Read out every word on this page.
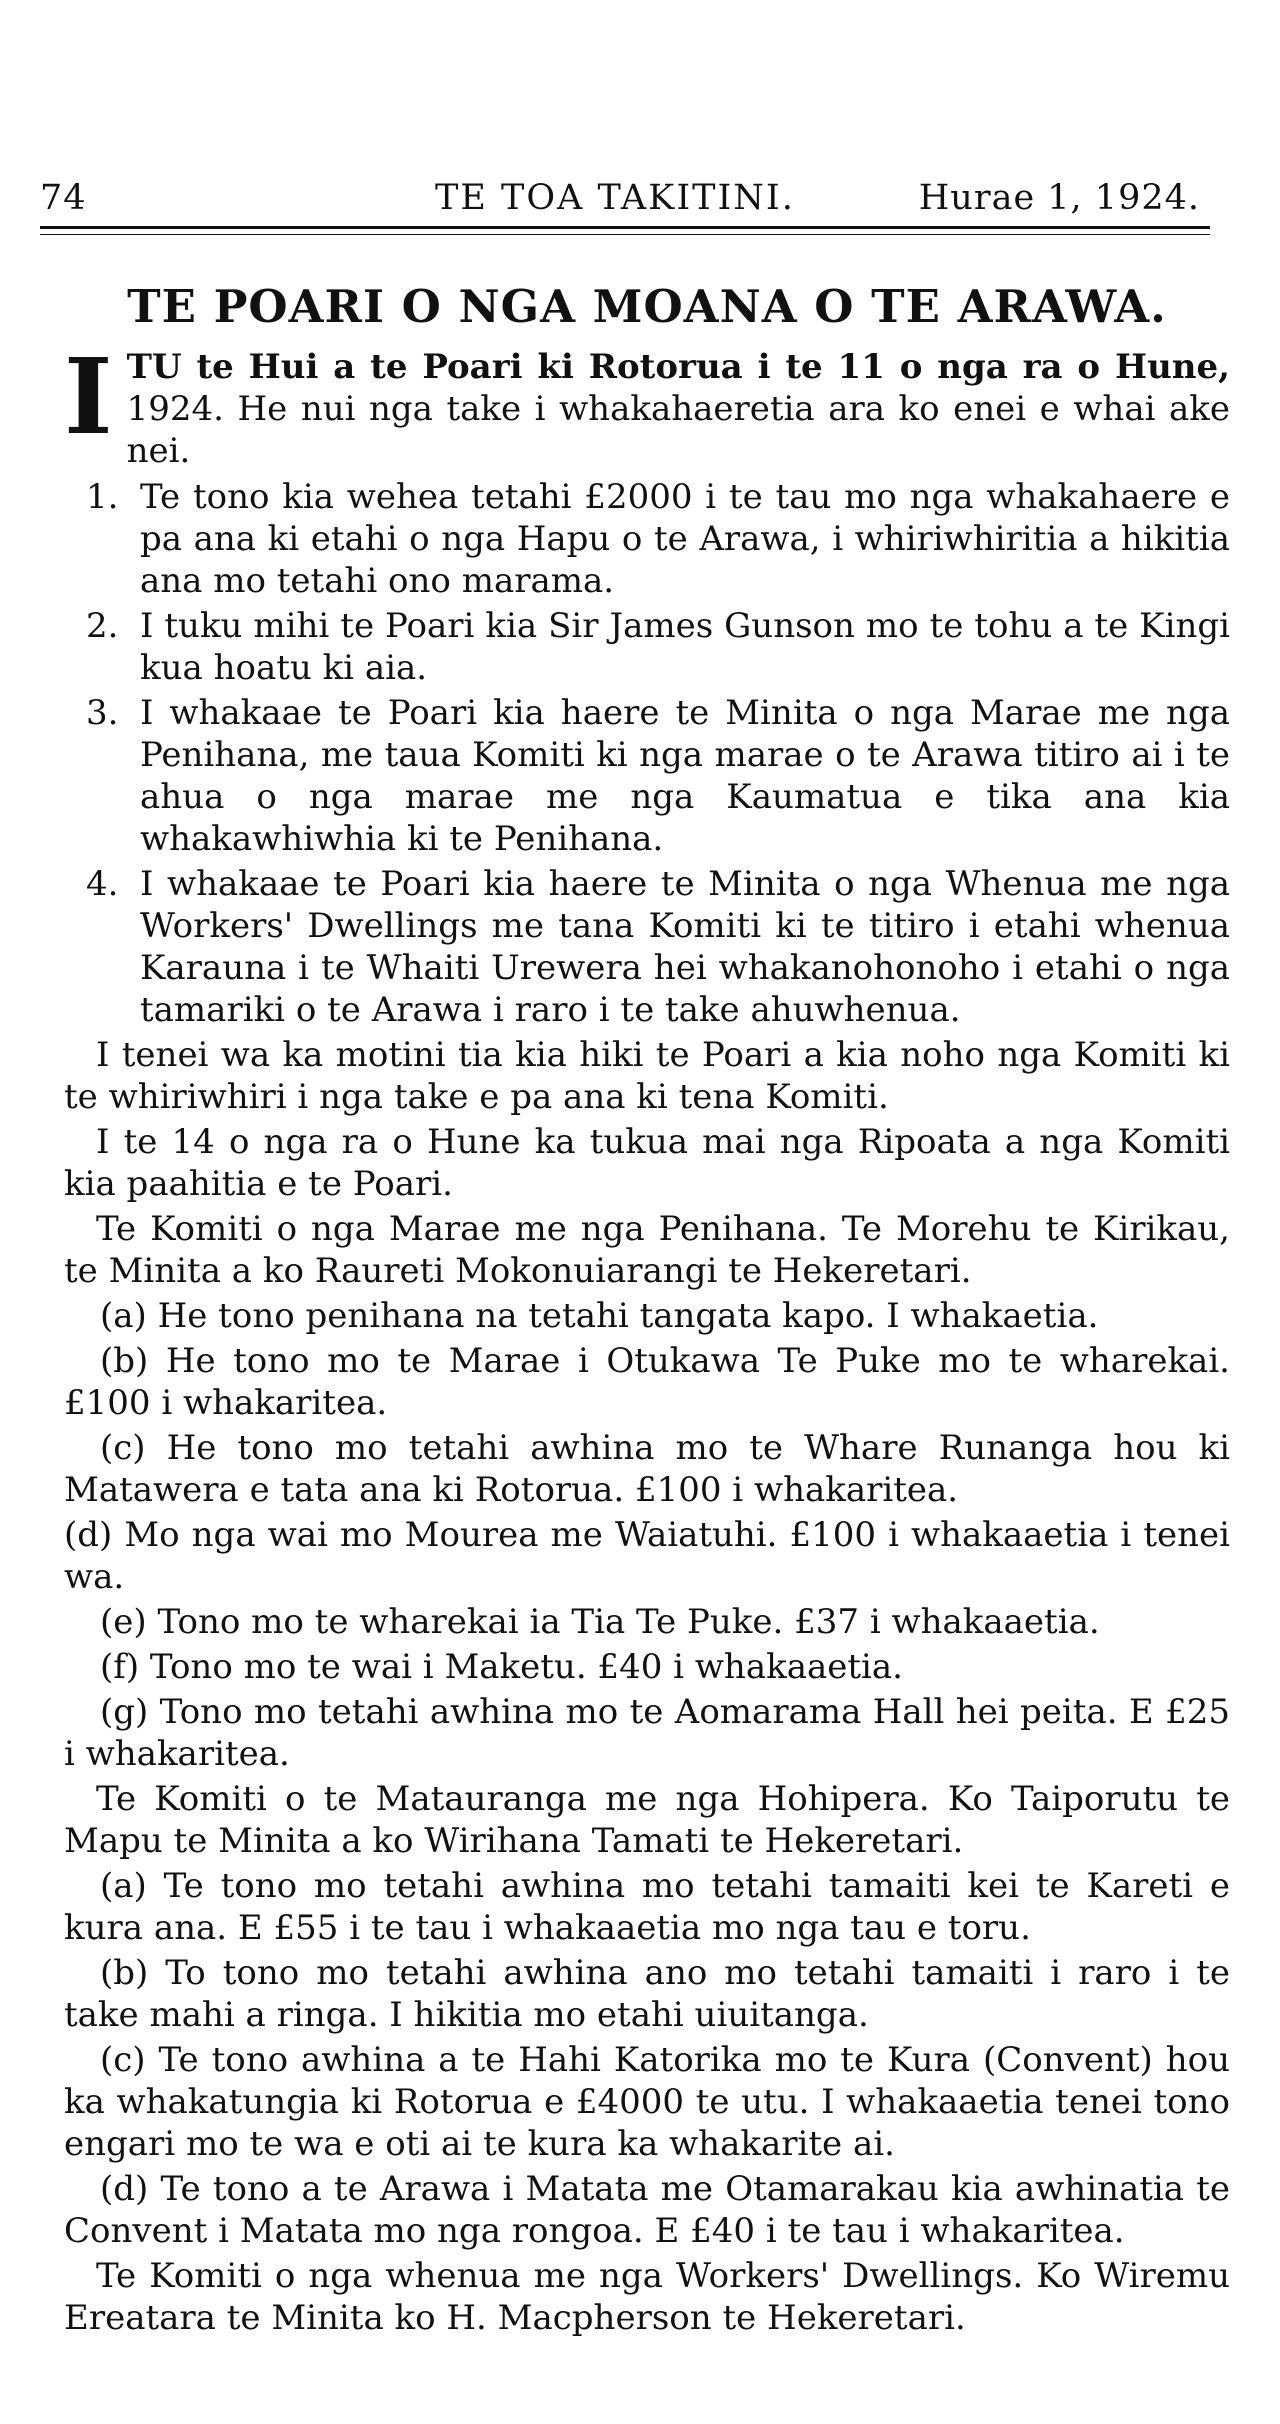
74	TE TOA TAKITINI.	Hurae 1, 1924.
TE POARI O NGA MOANA O TE ARAWA.
I TU te Hui a te Poari ki Rotorua i te 11 o nga ra o Hune, 1924. He nui nga take i whakahaeretia ara ko enei e whai ake nei.
1. Te tono kia wehea tetahi £2000 i te tau mo nga whakahaere e pa ana ki etahi o nga Hapu o te Arawa, i whiriwhiritia a hikitia ana mo tetahi ono marama.
2. I tuku mihi te Poari kia Sir James Gunson mo te tohu a te Kingi kua hoatu ki aia.
3. I whakaae te Poari kia haere te Minita o nga Marae me nga Penihana, me taua Komiti ki nga marae o te Arawa titiro ai i te ahua o nga marae me nga Kaumatua e tika ana kia whakawhiwhia ki te Penihana.
4. I whakaae te Poari kia haere te Minita o nga Whenua me nga Workers' Dwellings me tana Komiti ki te titiro i etahi whenua Karauna i te Whaiti Urewera hei whakanohonoho i etahi o nga tamariki o te Arawa i raro i te take ahuwhenua.

I tenei wa ka motini tia kia hiki te Poari a kia noho nga Komiti ki te whiriwhiri i nga take e pa ana ki tena Komiti.

I te 14 o nga ra o Hune ka tukua mai nga Ripoata a nga Komiti kia paahitia e te Poari.

Te Komiti o nga Marae me nga Penihana. Te Morehu te Kirikau, te Minita a ko Raureti Mokonuiarangi te Hekeretari.

(a) He tono penihana na tetahi tangata kapo. I whakaetia.

(b) He tono mo te Marae i Otukawa Te Puke mo te wharekai. £100 i whakaritea.

(c) He tono mo tetahi awhina mo te Whare Runanga hou ki Matawera e tata ana ki Rotorua. £100 i whakaritea.

(d) Mo nga wai mo Mourea me Waiatuhi. £100 i whakaaetia i tenei wa.

(e) Tono mo te wharekai ia Tia Te Puke. £37 i whakaaetia.

(f) Tono mo te wai i Maketu. £40 i whakaaetia.

(g) Tono mo tetahi awhina mo te Aomarama Hall hei peita. E £25 i whakaritea.

Te Komiti o te Matauranga me nga Hohipera. Ko Taiporutu te Mapu te Minita a ko Wirihana Tamati te Hekeretari.

(a) Te tono mo tetahi awhina mo tetahi tamaiti kei te Kareti e kura ana. E £55 i te tau i whakaaetia mo nga tau e toru.

(b) To tono mo tetahi awhina ano mo tetahi tamaiti i raro i te take mahi a ringa. I hikitia mo etahi uiuitanga.

(c) Te tono awhina a te Hahi Katorika mo te Kura (Convent) hou ka whakatungia ki Rotorua e £4000 te utu. I whakaaetia tenei tono engari mo te wa e oti ai te kura ka whakarite ai.

(d) Te tono a te Arawa i Matata me Otamarakau kia awhinatia te Convent i Matata mo nga rongoa. E £40 i te tau i whakaritea.

Te Komiti o nga whenua me nga Workers' Dwellings. Ko Wiremu Ereatara te Minita ko H. Macpherson te Hekeretari.
